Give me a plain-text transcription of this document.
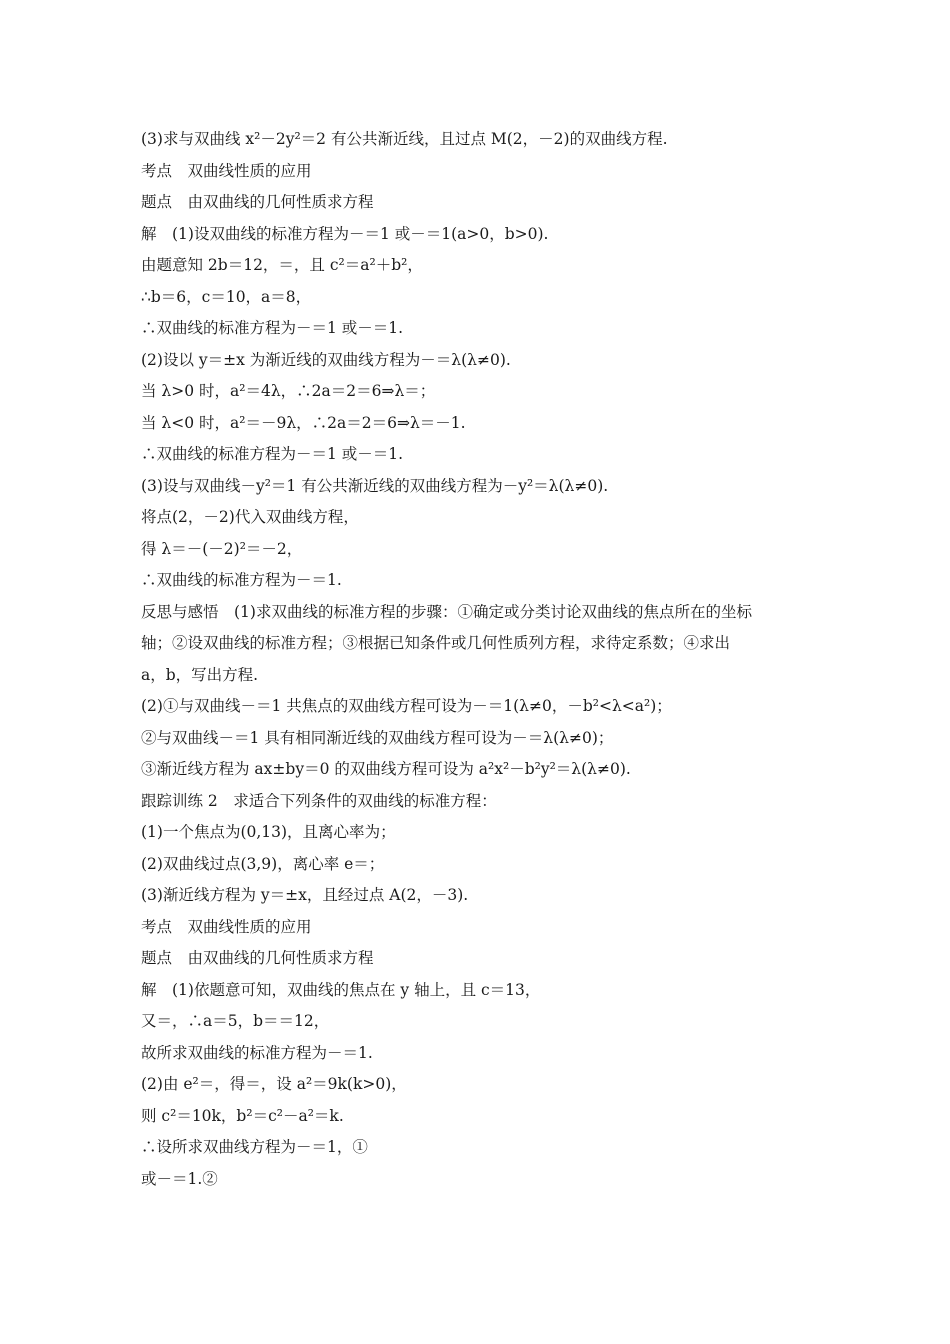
(3)求与双曲线 x²－2y²＝2 有公共渐近线，且过点 M(2，－2)的双曲线方程.
考点　双曲线性质的应用
题点　由双曲线的几何性质求方程
解　(1)设双曲线的标准方程为－＝1 或－＝1(a>0，b>0).
由题意知 2b＝12，＝，且 c²＝a²＋b²，
∴b＝6，c＝10，a＝8，
∴双曲线的标准方程为－＝1 或－＝1.
(2)设以 y＝±x 为渐近线的双曲线方程为－＝λ(λ≠0).
当 λ>0 时，a²＝4λ，∴2a＝2＝6⇒λ＝；
当 λ<0 时，a²＝－9λ，∴2a＝2＝6⇒λ＝－1.
∴双曲线的标准方程为－＝1 或－＝1.
(3)设与双曲线－y²＝1 有公共渐近线的双曲线方程为－y²＝λ(λ≠0).
将点(2，－2)代入双曲线方程，
得 λ＝－(－2)²＝－2，
∴双曲线的标准方程为－＝1.
反思与感悟　(1)求双曲线的标准方程的步骤：①确定或分类讨论双曲线的焦点所在的坐标
轴；②设双曲线的标准方程；③根据已知条件或几何性质列方程，求待定系数；④求出
a，b，写出方程.
(2)①与双曲线－＝1 共焦点的双曲线方程可设为－＝1(λ≠0，－b²<λ<a²)；
②与双曲线－＝1 具有相同渐近线的双曲线方程可设为－＝λ(λ≠0)；
③渐近线方程为 ax±by＝0 的双曲线方程可设为 a²x²－b²y²＝λ(λ≠0).
跟踪训练 2　求适合下列条件的双曲线的标准方程：
(1)一个焦点为(0,13)，且离心率为；
(2)双曲线过点(3,9)，离心率 e＝；
(3)渐近线方程为 y＝±x，且经过点 A(2，－3).
考点　双曲线性质的应用
题点　由双曲线的几何性质求方程
解　(1)依题意可知，双曲线的焦点在 y 轴上，且 c＝13，
又＝，∴a＝5，b＝＝12，
故所求双曲线的标准方程为－＝1.
(2)由 e²＝，得＝，设 a²＝9k(k>0)，
则 c²＝10k，b²＝c²－a²＝k.
∴设所求双曲线方程为－＝1，①
或－＝1.②
